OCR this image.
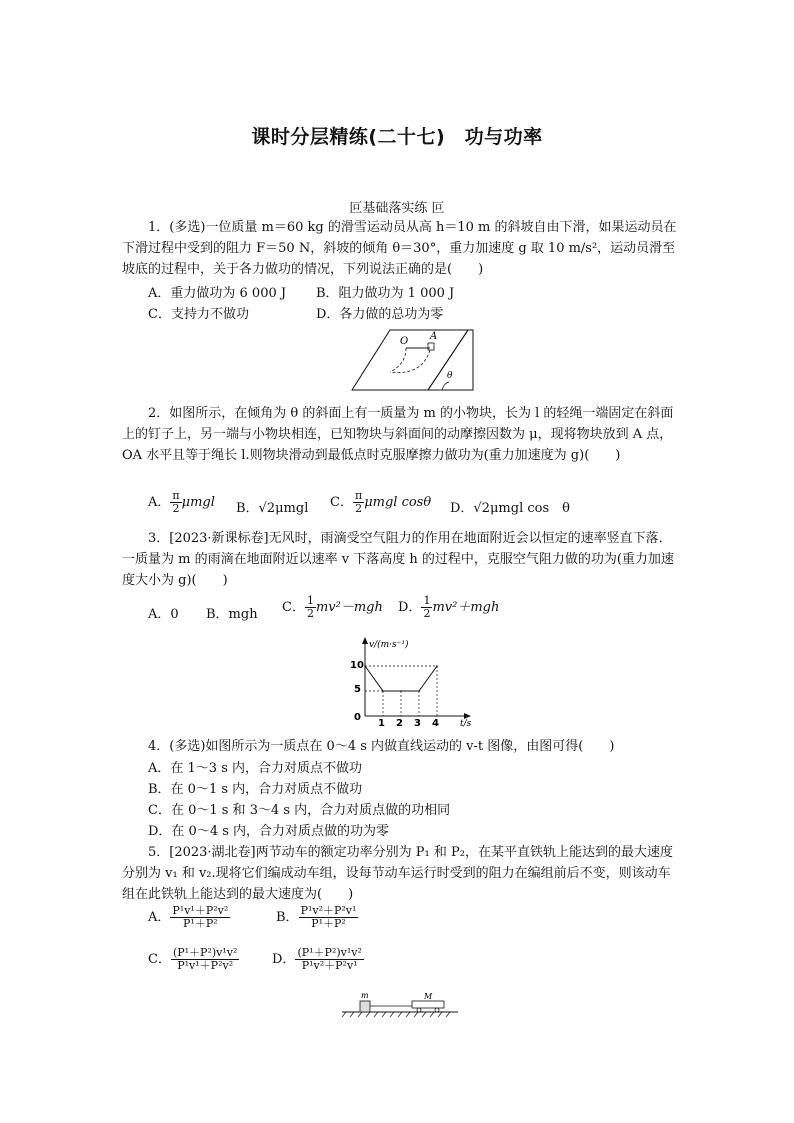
课时分层精练(二十七)　功与功率
叵基础落实练 叵
1．(多选)一位质量 m＝60 kg 的滑雪运动员从高 h＝10 m 的斜坡自由下滑，如果运动员在下滑过程中受到的阻力 F＝50 N，斜坡的倾角 θ＝30°，重力加速度 g 取 10 m/s²，运动员滑至坡底的过程中，关于各力做功的情况，下列说法正确的是(　　)
A．重力做功为 6 000 J B．阻力做功为 1 000 J
C．支持力不做功	D．各力做的总功为零
O A
θ
2．如图所示，在倾角为 θ 的斜面上有一质量为 m 的小物块，长为 l 的轻绳一端固定在斜面上的钉子上，另一端与小物块相连，已知物块与斜面间的动摩擦因数为 μ，现将物块放到 A 点，OA 水平且等于绳长 l.则物块滑动到最低点时克服摩擦力做功为(重力加速度为 g)(　　)
A． $\frac{\pi}{2}$ μmgl B．√2μmgl C． $\frac{\pi}{2}$ μmgl cosθ D．√2μmgl cos　θ
3．[2023·新课标卷]无风时，雨滴受空气阻力的作用在地面附近会以恒定的速率竖直下落．一质量为 m 的雨滴在地面附近以速率 v 下落高度 h 的过程中，克服空气阻力做的功为(重力加速度大小为 g)(　　)
A．0 B．mgh C． $\frac{1}{2} mv^2-mgh$ D． $\frac{1}{2} mv^2+mgh$
v/(m·s⁻¹)
t/s
10
5
0
1 2 3 4
4．(多选)如图所示为一质点在 0～4 s 内做直线运动的 v-t 图像，由图可得(　　)
A．在 1～3 s 内，合力对质点不做功
B．在 0～1 s 内，合力对质点不做功
C．在 0～1 s 和 3～4 s 内，合力对质点做的功相同
D．在 0～4 s 内，合力对质点做的功为零
5．[2023·湖北卷]两节动车的额定功率分别为 P₁ 和 P₂，在某平直铁轨上能达到的最大速度分别为 v₁ 和 v₂.现将它们编成动车组，设每节动车运行时受到的阻力在编组前后不变，则该动车组在此铁轨上能达到的最大速度为(　　)
A． $\frac{\text{P¹v¹＋P²v²}}{\text{P¹＋P²}}$	B． $\frac{\text{P¹v²＋P²v¹}}{\text{P¹＋P²}}$
C． $\frac{\text{(P¹＋P²)v¹v²}}{\text{P¹v¹＋P²v²}}$	D． $\frac{\text{(P¹＋P²)v¹v²}}{\text{P¹v²＋P²v¹}}$
m	M
